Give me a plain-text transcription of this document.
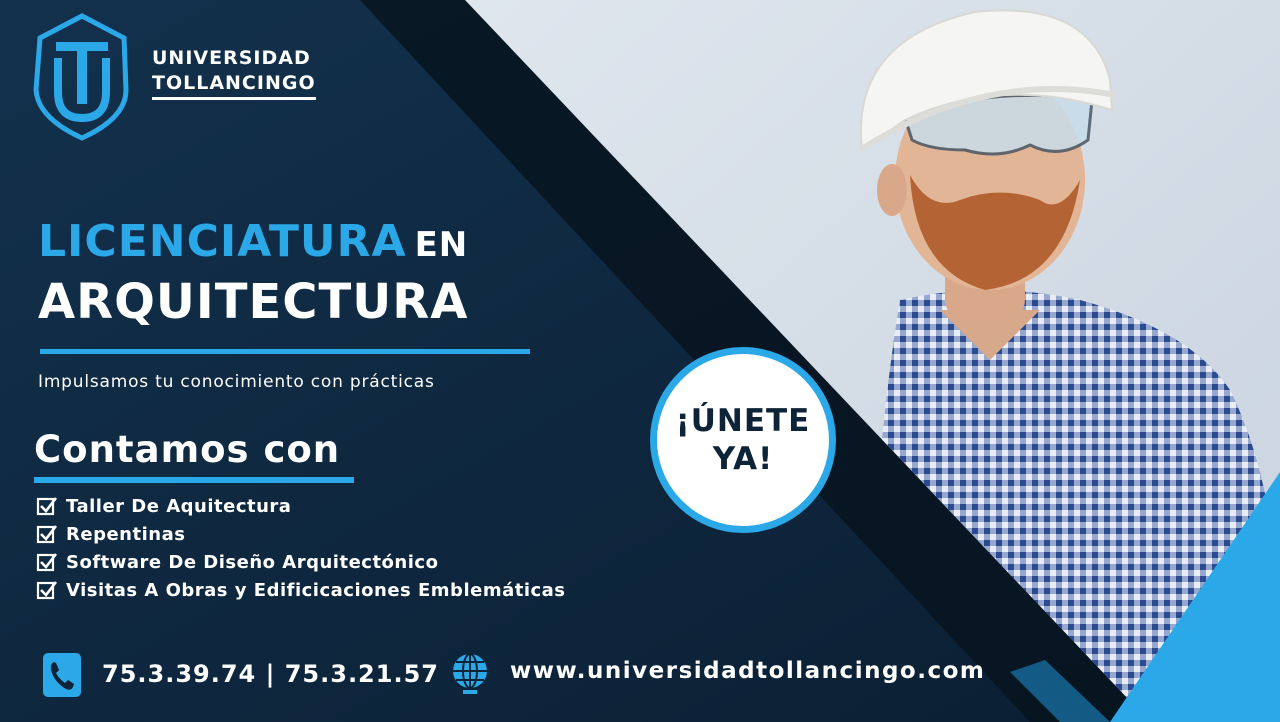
UNIVERSIDAD
TOLLANCINGO
LICENCIATURA EN
ARQUITECTURA
Impulsamos tu conocimiento con prácticas
Contamos con
Taller De Aquitectura
Repentinas
Software De Diseño Arquitectónico
Visitas A Obras y Edificicaciones Emblemáticas
¡ÚNETE
YA!
75.3.39.74 | 75.3.21.57	www.universidadtollancingo.com
